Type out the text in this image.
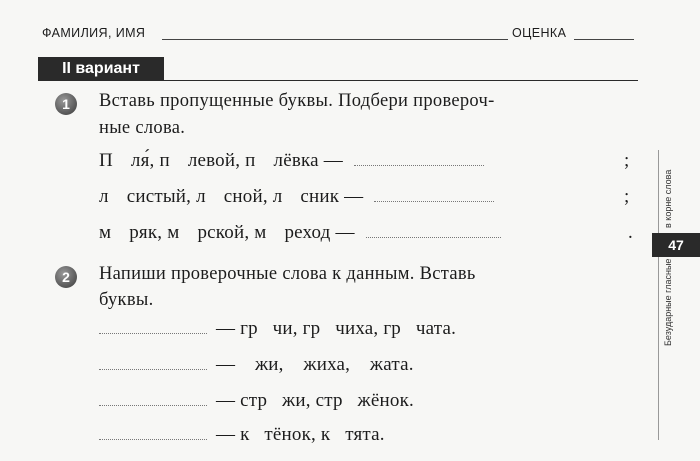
ФАМИЛИЯ, ИМЯ	ОЦЕНКА
II вариант
1	Вставь пропущенные буквы. Подбери провероч-
ные слова.
П ля́, п левой, п лёвка —	;
л систый, л сной, л сник —	;
м ряк, м рской, м реход —	.
2	Напиши проверочные слова к данным. Вставь
буквы.
— гр   чи, гр   чиха, гр   чата.
—    жи,    жиха,    жата.
— стр   жи, стр   жёнок.
— к   тёнок, к   тята.
в корне слова
47
Безударные гласные
